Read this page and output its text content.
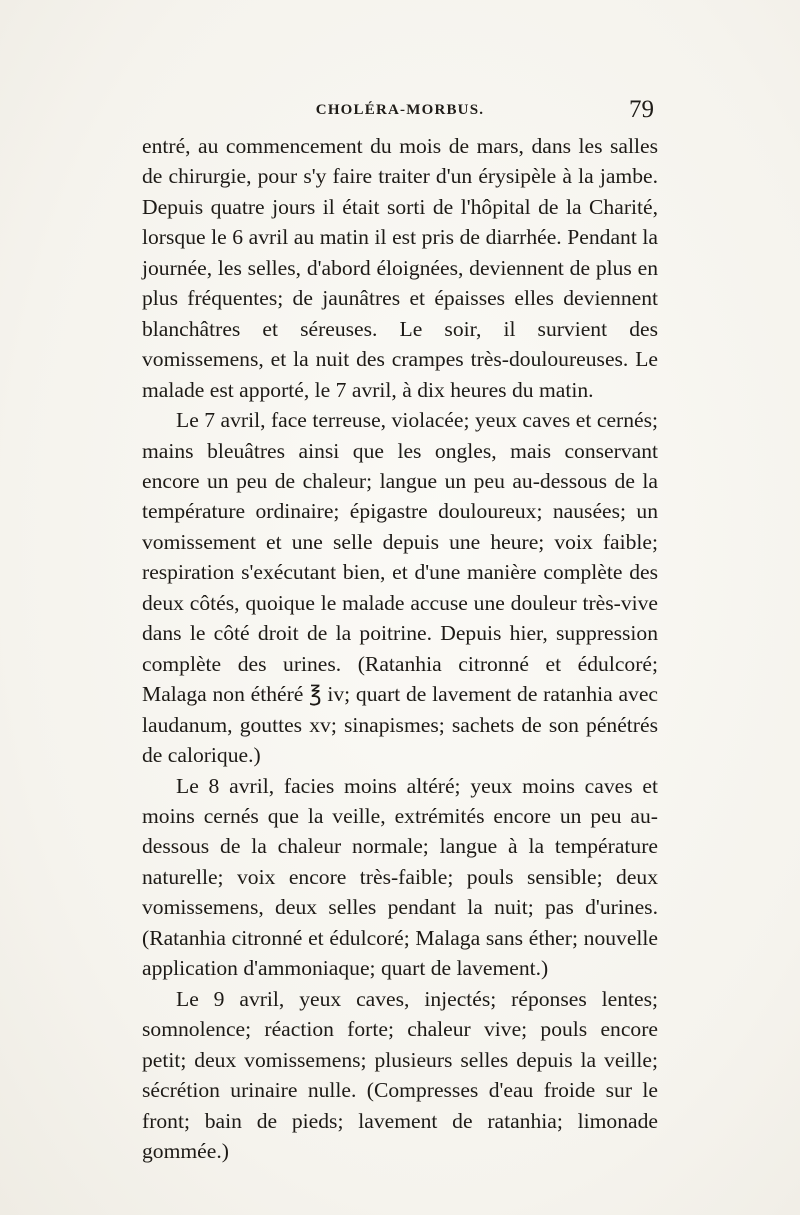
CHOLÉRA-MORBUS.	79

entré, au commencement du mois de mars, dans les salles de chirurgie, pour s'y faire traiter d'un érysipèle à la jambe. Depuis quatre jours il était sorti de l'hôpital de la Charité, lorsque le 6 avril au matin il est pris de diarrhée. Pendant la journée, les selles, d'abord éloignées, deviennent de plus en plus fréquentes; de jaunâtres et épaisses elles deviennent blanchâtres et séreuses. Le soir, il survient des vomissemens, et la nuit des crampes très-douloureuses. Le malade est apporté, le 7 avril, à dix heures du matin.

Le 7 avril, face terreuse, violacée; yeux caves et cernés; mains bleuâtres ainsi que les ongles, mais conservant encore un peu de chaleur; langue un peu au-dessous de la température ordinaire; épigastre douloureux; nausées; un vomissement et une selle depuis une heure; voix faible; respiration s'exécutant bien, et d'une manière complète des deux côtés, quoique le malade accuse une douleur très-vive dans le côté droit de la poitrine. Depuis hier, suppression complète des urines. (Ratanhia citronné et édulcoré; Malaga non éthéré ℥ iv; quart de lavement de ratanhia avec laudanum, gouttes xv; sinapismes; sachets de son pénétrés de calorique.)

Le 8 avril, facies moins altéré; yeux moins caves et moins cernés que la veille, extrémités encore un peu au-dessous de la chaleur normale; langue à la température naturelle; voix encore très-faible; pouls sensible; deux vomissemens, deux selles pendant la nuit; pas d'urines. (Ratanhia citronné et édulcoré; Malaga sans éther; nouvelle application d'ammoniaque; quart de lavement.)

Le 9 avril, yeux caves, injectés; réponses lentes; somnolence; réaction forte; chaleur vive; pouls encore petit; deux vomissemens; plusieurs selles depuis la veille; sécrétion urinaire nulle. (Compresses d'eau froide sur le front; bain de pieds; lavement de ratanhia; limonade gommée.)
